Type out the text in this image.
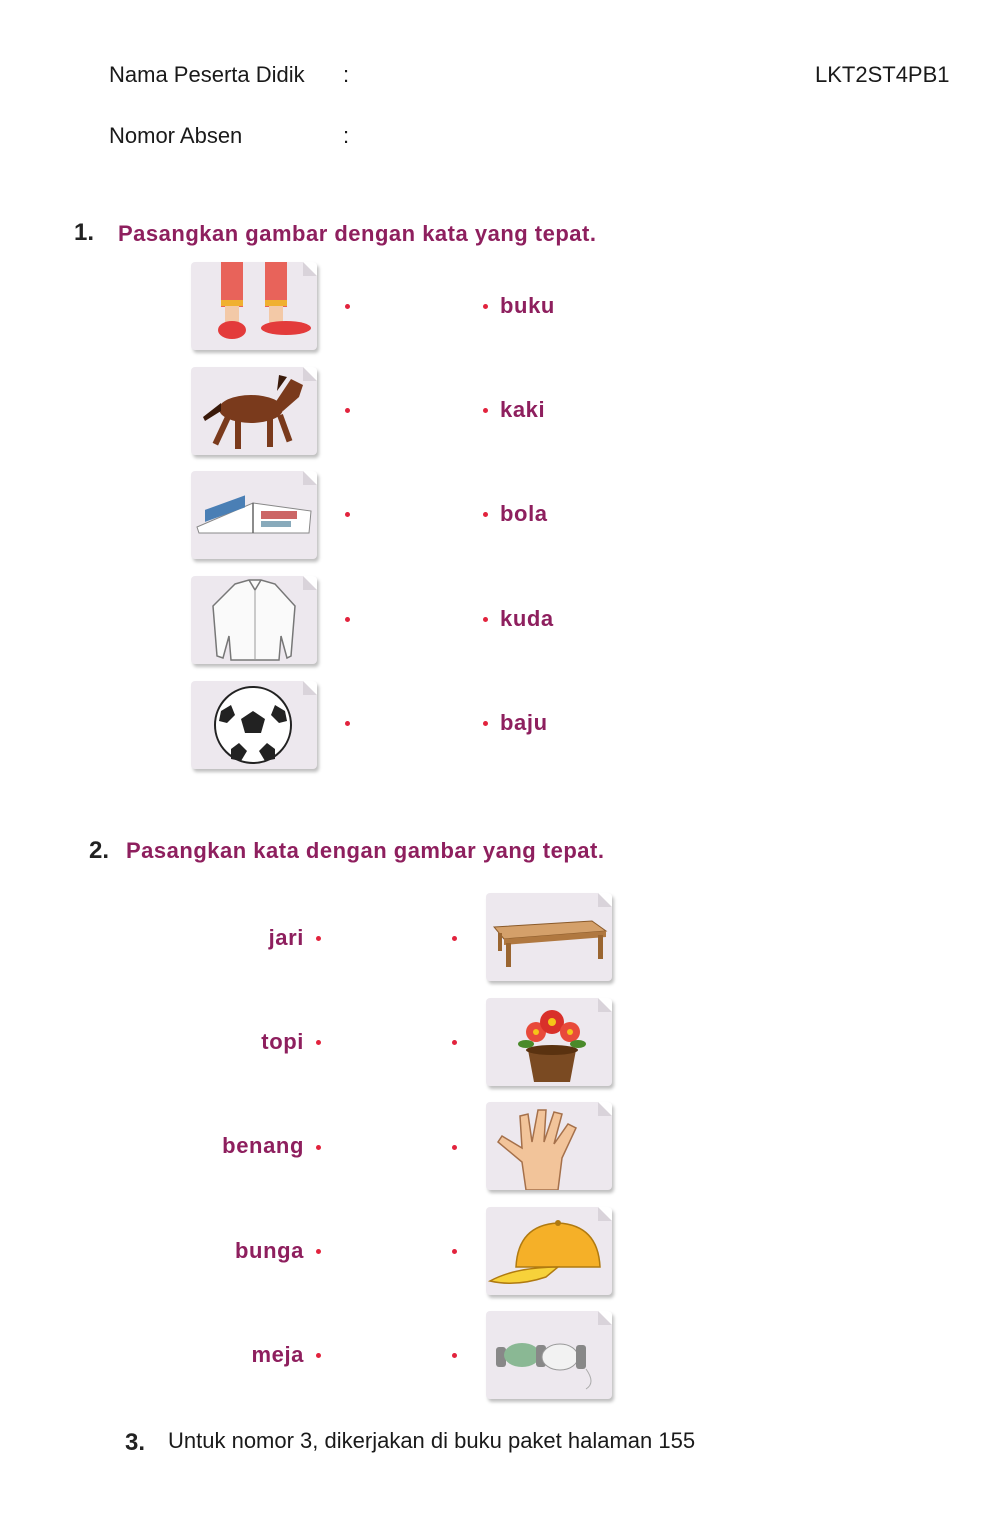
Nama Peserta Didik :	LKT2ST4PB1
Nomor Absen	:
1. Pasangkan gambar dengan kata yang tepat.
buku
kaki
bola
kuda
baju
2. Pasangkan kata dengan gambar yang tepat.
jari
topi
benang
bunga
meja
3. Untuk nomor 3, dikerjakan di buku paket halaman 155
